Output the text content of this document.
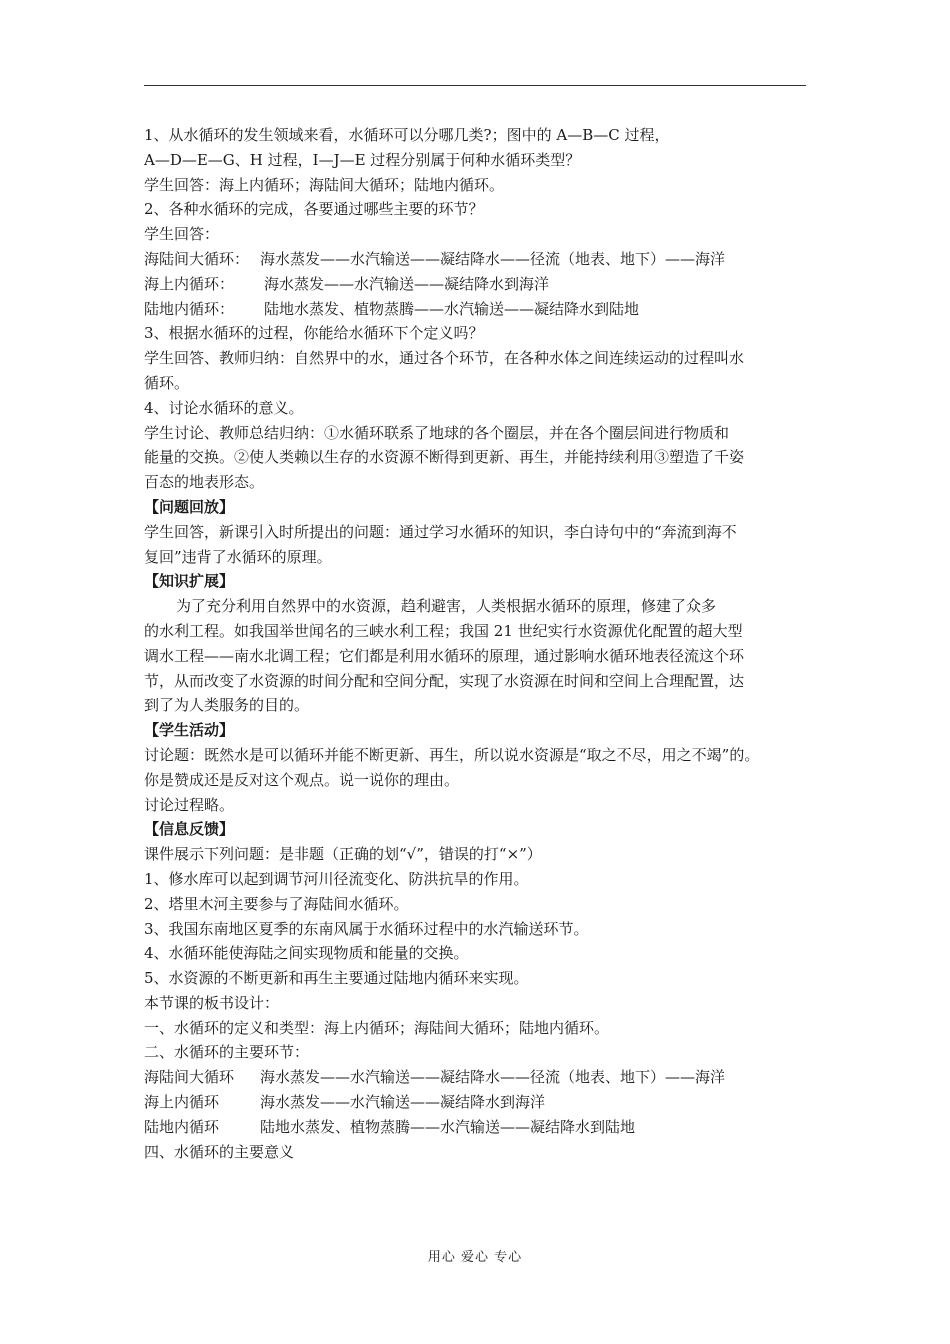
1、从水循环的发生领域来看，水循环可以分哪几类?；图中的 A—B—C 过程，
A—D—E—G、H 过程，I—J—E 过程分别属于何种水循环类型？
学生回答：海上内循环；海陆间大循环；陆地内循环。
2、各种水循环的完成，各要通过哪些主要的环节？
学生回答：
海陆间大循环： 海水蒸发——水汽输送——凝结降水——径流（地表、地下）——海洋
海上内循环： 海水蒸发——水汽输送——凝结降水到海洋
陆地内循环： 陆地水蒸发、植物蒸腾——水汽输送——凝结降水到陆地
3、根据水循环的过程，你能给水循环下个定义吗？
学生回答、教师归纳：自然界中的水，通过各个环节，在各种水体之间连续运动的过程叫水
循环。
4、讨论水循环的意义。
学生讨论、教师总结归纳：①水循环联系了地球的各个圈层，并在各个圈层间进行物质和
能量的交换。②使人类赖以生存的水资源不断得到更新、再生，并能持续利用③塑造了千姿
百态的地表形态。
【问题回放】
学生回答，新课引入时所提出的问题：通过学习水循环的知识，李白诗句中的“奔流到海不
复回”违背了水循环的原理。
【知识扩展】
为了充分利用自然界中的水资源，趋利避害，人类根据水循环的原理，修建了众多
的水利工程。如我国举世闻名的三峡水利工程；我国 21 世纪实行水资源优化配置的超大型
调水工程——南水北调工程；它们都是利用水循环的原理，通过影响水循环地表径流这个环
节，从而改变了水资源的时间分配和空间分配，实现了水资源在时间和空间上合理配置，达
到了为人类服务的目的。
【学生活动】
讨论题：既然水是可以循环并能不断更新、再生，所以说水资源是“取之不尽，用之不竭”的。
你是赞成还是反对这个观点。说一说你的理由。
讨论过程略。
【信息反馈】
课件展示下列问题：是非题（正确的划“√”，错误的打“×”）
1、修水库可以起到调节河川径流变化、防洪抗旱的作用。
2、塔里木河主要参与了海陆间水循环。
3、我国东南地区夏季的东南风属于水循环过程中的水汽输送环节。
4、水循环能使海陆之间实现物质和能量的交换。
5、水资源的不断更新和再生主要通过陆地内循环来实现。
本节课的板书设计：
一、水循环的定义和类型：海上内循环；海陆间大循环；陆地内循环。
二、水循环的主要环节：
海陆间大循环 海水蒸发——水汽输送——凝结降水——径流（地表、地下）——海洋
海上内循环	海水蒸发——水汽输送——凝结降水到海洋
陆地内循环	陆地水蒸发、植物蒸腾——水汽输送——凝结降水到陆地
四、水循环的主要意义
用心 爱心 专心
